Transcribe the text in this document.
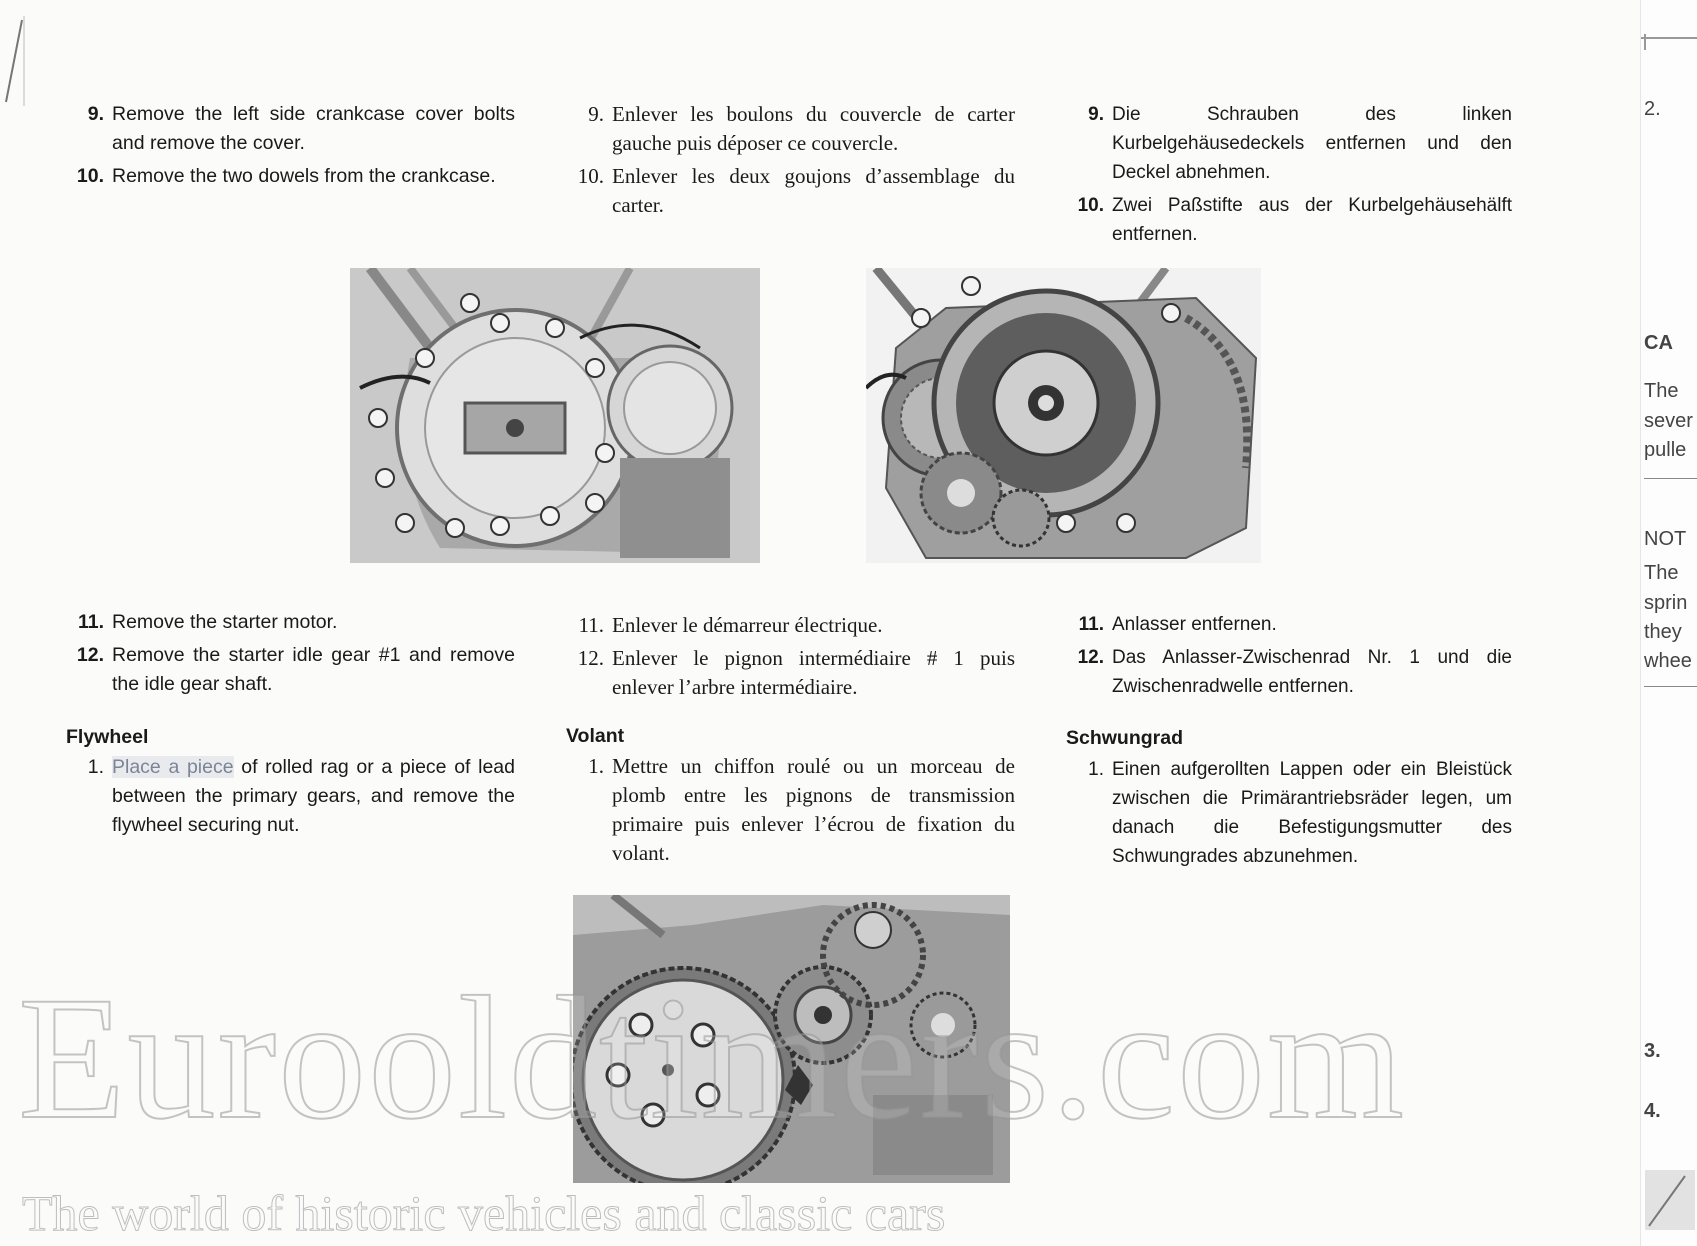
9. Remove the left side crankcase cover bolts and remove the cover.
10. Remove the two dowels from the crankcase.
9. Enlever les boulons du couvercle de carter gauche puis déposer ce couvercle.
10. Enlever les deux goujons d’assemblage du carter.
9. Die Schrauben des linken Kurbelgehäusedeckels entfernen und den Deckel abnehmen.
10. Zwei Paßstifte aus der Kurbelgehäusehälft entfernen.
11. Remove the starter motor.
12. Remove the starter idle gear #1 and remove the idle gear shaft.
11. Enlever le démarreur électrique.
12. Enlever le pignon intermédiaire # 1 puis enlever l’arbre intermédiaire.
11. Anlasser entfernen.
12. Das Anlasser-Zwischenrad Nr. 1 und die Zwischenradwelle entfernen.
Flywheel	Volant	Schwungrad
1. Place a piece of rolled rag or a piece of lead between the primary gears, and remove the flywheel securing nut.
1. Mettre un chiffon roulé ou un morceau de plomb entre les pignons de transmission primaire puis enlever l’écrou de fixation du volant.
1. Einen aufgerollten Lappen oder ein Bleistück zwischen die Primärantriebsräder legen, um danach die Befestigungsmutter des Schwungrades abzunehmen.
2.
CA
The
sever
pulle
NOT
The
sprin
they
whee
3.
4.
Eurooldtimers.com
The world of historic vehicles and classic cars
